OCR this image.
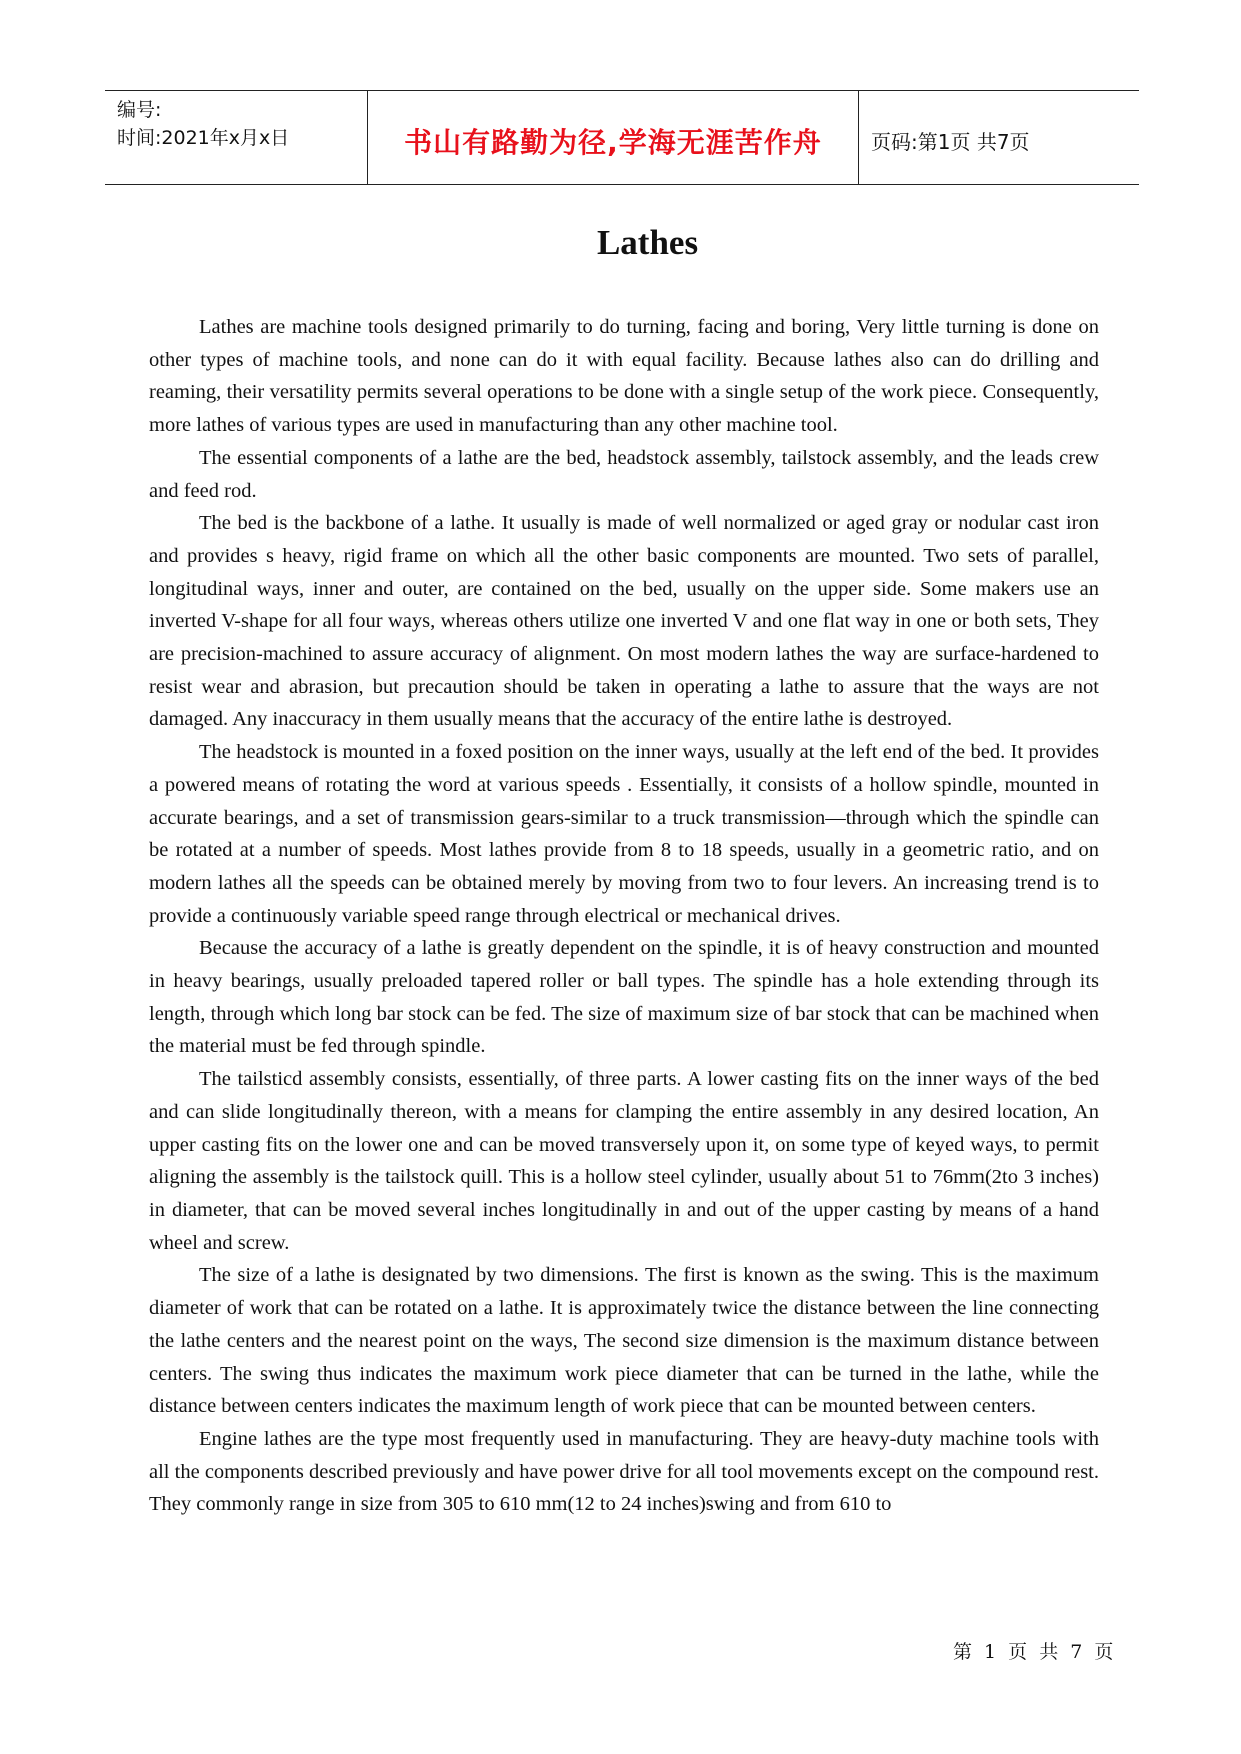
编号:
时间:2021年x月x日	书山有路勤为径,学海无涯苦作舟	页码:第1页 共7页
Lathes

Lathes are machine tools designed primarily to do turning, facing and boring, Very little turning is done on other types of machine tools, and none can do it with equal facility. Because lathes also can do drilling and reaming, their versatility permits several operations to be done with a single setup of the work piece. Consequently, more lathes of various types are used in manufacturing than any other machine tool.

The essential components of a lathe are the bed, headstock assembly, tailstock assembly, and the leads crew and feed rod.

The bed is the backbone of a lathe. It usually is made of well normalized or aged gray or nodular cast iron and provides s heavy, rigid frame on which all the other basic components are mounted. Two sets of parallel, longitudinal ways, inner and outer, are contained on the bed, usually on the upper side. Some makers use an inverted V-shape for all four ways, whereas others utilize one inverted V and one flat way in one or both sets, They are precision-machined to assure accuracy of alignment. On most modern lathes the way are surface-hardened to resist wear and abrasion, but precaution should be taken in operating a lathe to assure that the ways are not damaged. Any inaccuracy in them usually means that the accuracy of the entire lathe is destroyed.

The headstock is mounted in a foxed position on the inner ways, usually at the left end of the bed. It provides a powered means of rotating the word at various speeds . Essentially, it consists of a hollow spindle, mounted in accurate bearings, and a set of transmission gears-similar to a truck transmission—through which the spindle can be rotated at a number of speeds. Most lathes provide from 8 to 18 speeds, usually in a geometric ratio, and on modern lathes all the speeds can be obtained merely by moving from two to four levers. An increasing trend is to provide a continuously variable speed range through electrical or mechanical drives.

Because the accuracy of a lathe is greatly dependent on the spindle, it is of heavy construction and mounted in heavy bearings, usually preloaded tapered roller or ball types. The spindle has a hole extending through its length, through which long bar stock can be fed. The size of maximum size of bar stock that can be machined when the material must be fed through spindle.

The tailsticd assembly consists, essentially, of three parts. A lower casting fits on the inner ways of the bed and can slide longitudinally thereon, with a means for clamping the entire assembly in any desired location, An upper casting fits on the lower one and can be moved transversely upon it, on some type of keyed ways, to permit aligning the assembly is the tailstock quill. This is a hollow steel cylinder, usually about 51 to 76mm(2to 3 inches) in diameter, that can be moved several inches longitudinally in and out of the upper casting by means of a hand wheel and screw.

The size of a lathe is designated by two dimensions. The first is known as the swing. This is the maximum diameter of work that can be rotated on a lathe. It is approximately twice the distance between the line connecting the lathe centers and the nearest point on the ways, The second size dimension is the maximum distance between centers. The swing thus indicates the maximum work piece diameter that can be turned in the lathe, while the distance between centers indicates the maximum length of work piece that can be mounted between centers.

Engine lathes are the type most frequently used in manufacturing. They are heavy-duty machine tools with all the components described previously and have power drive for all tool movements except on the compound rest. They commonly range in size from 305 to 610 mm(12 to 24 inches)swing and from 610 to

第 1 页 共 7 页
